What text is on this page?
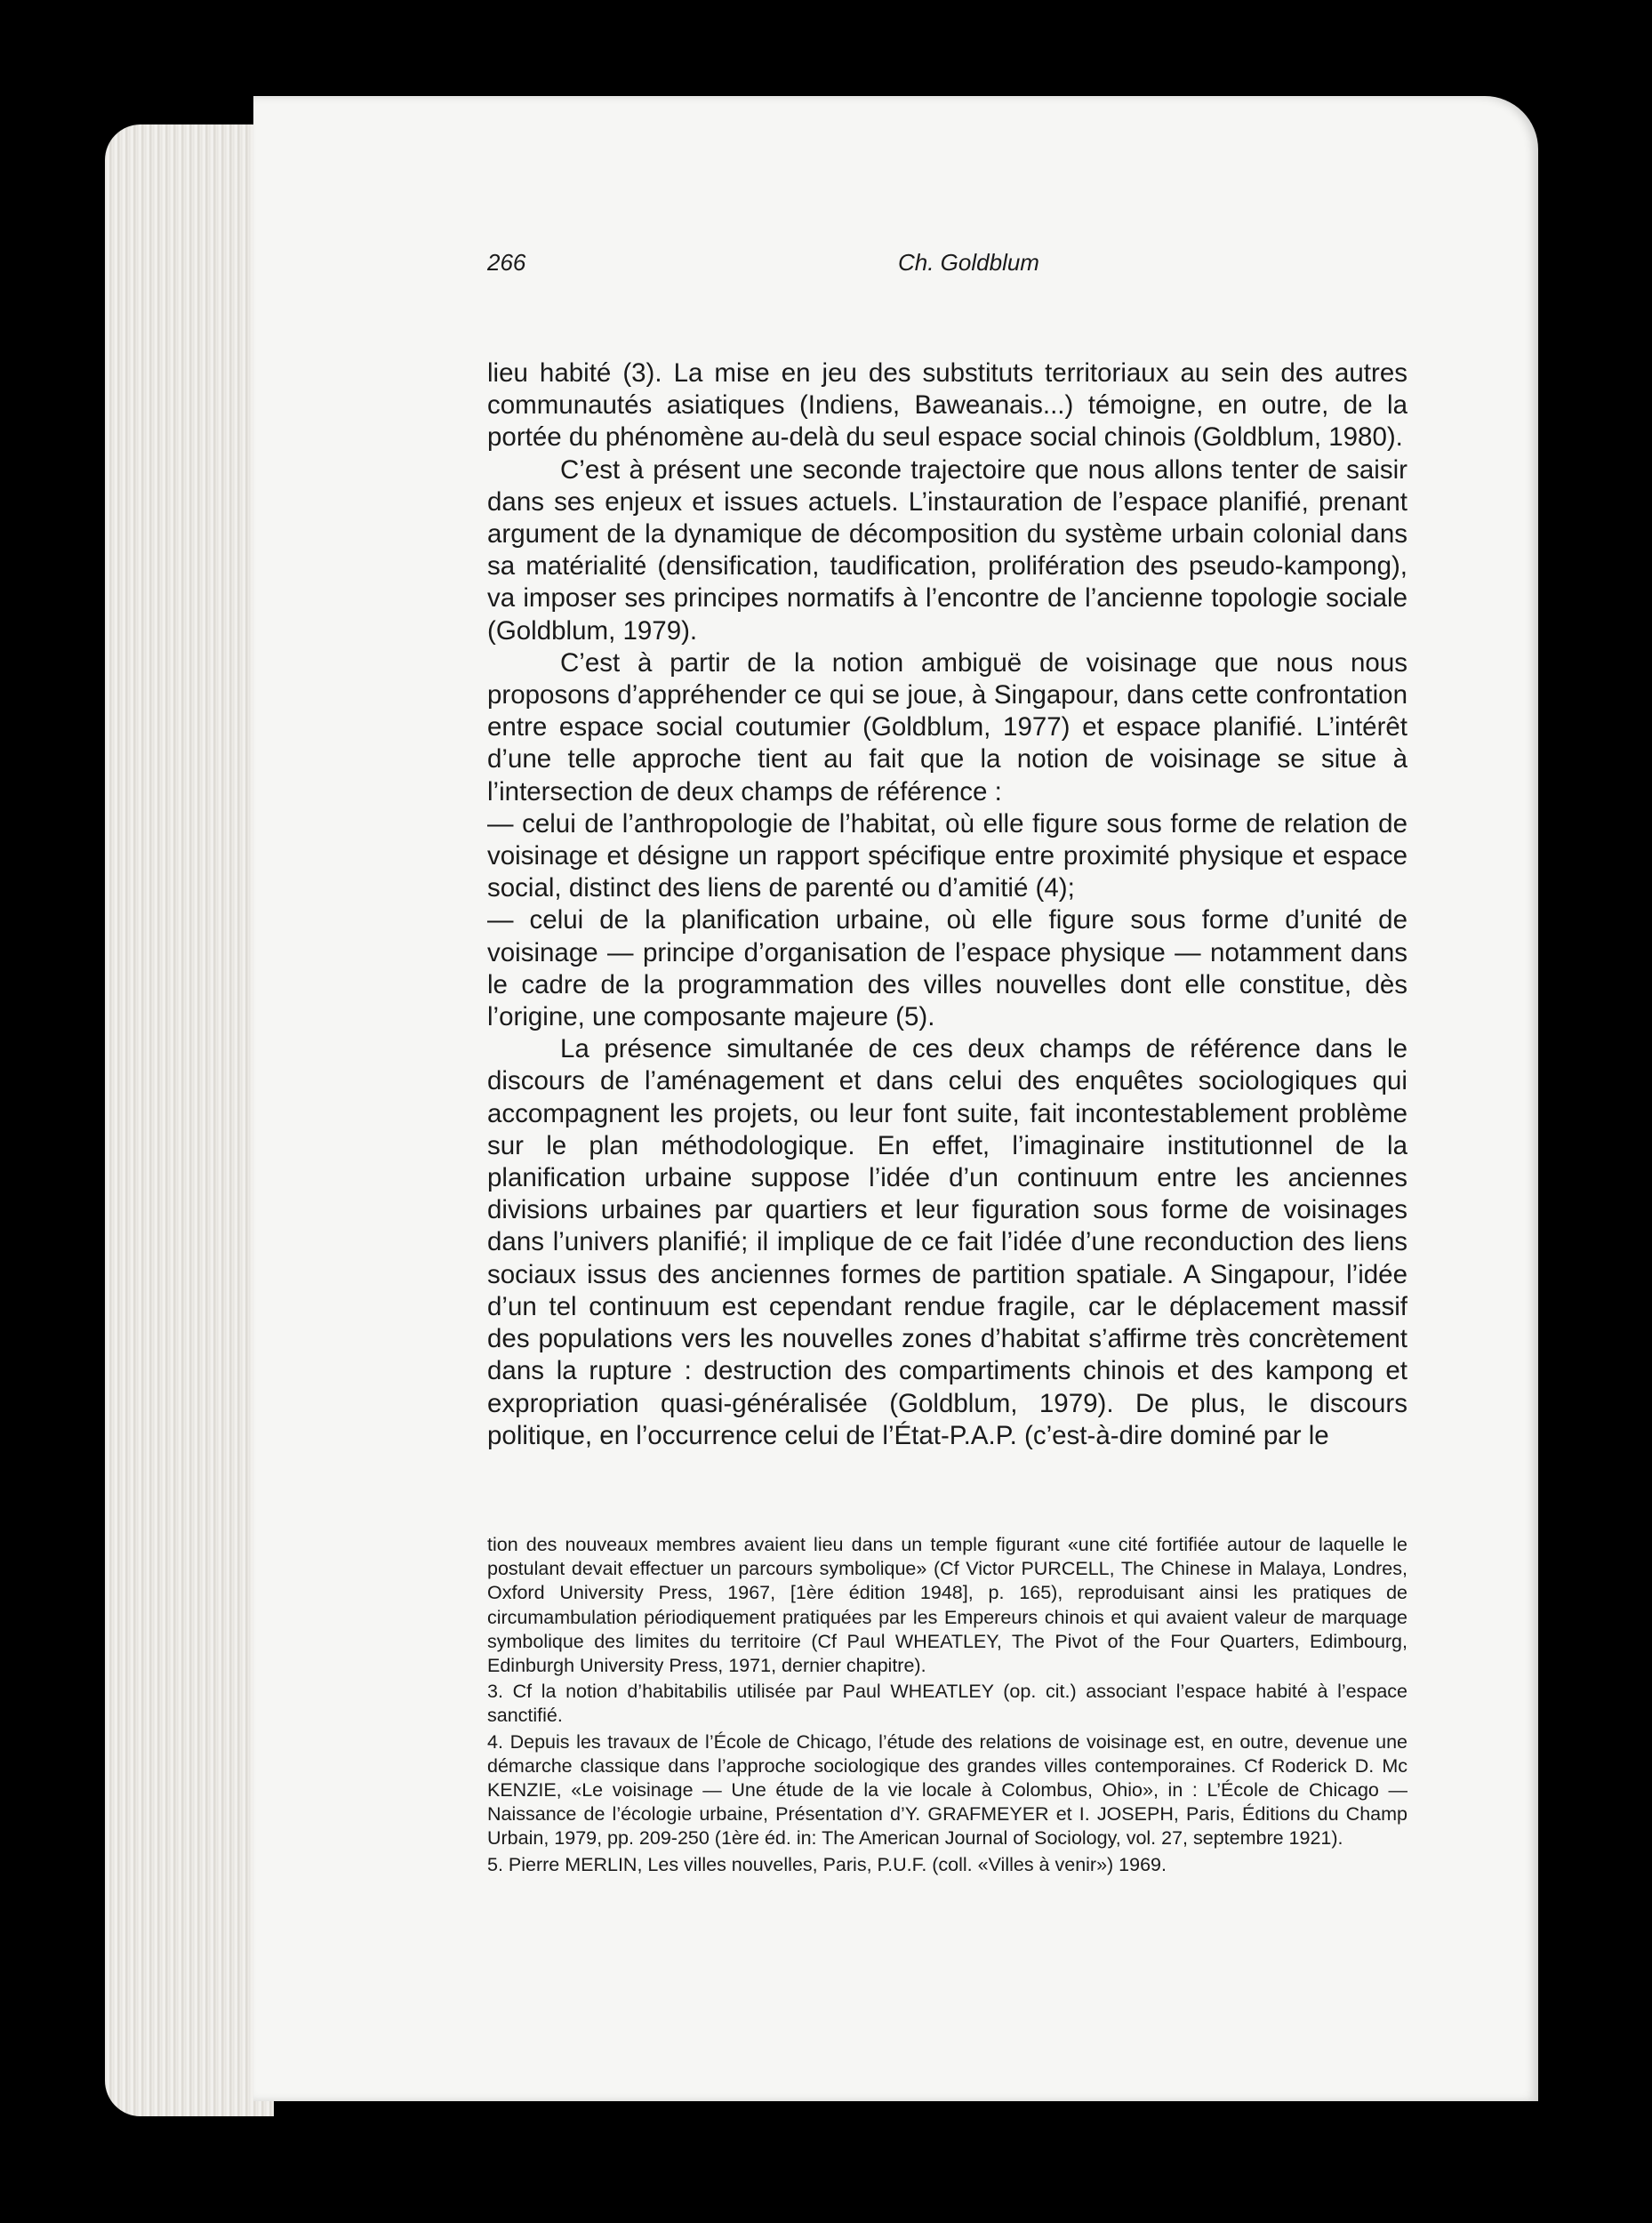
266	Ch. Goldblum

lieu habité (3). La mise en jeu des substituts territoriaux au sein des autres communautés asiatiques (Indiens, Baweanais...) témoigne, en outre, de la portée du phénomène au-delà du seul espace social chinois (Goldblum, 1980).

C’est à présent une seconde trajectoire que nous allons tenter de saisir dans ses enjeux et issues actuels. L’instauration de l’espace planifié, prenant argument de la dynamique de décomposition du système urbain colonial dans sa matérialité (densification, taudification, prolifération des pseudo-kampong), va imposer ses principes normatifs à l’encontre de l’ancienne topologie sociale (Goldblum, 1979).

C’est à partir de la notion ambiguë de voisinage que nous nous proposons d’appréhender ce qui se joue, à Singapour, dans cette confrontation entre espace social coutumier (Goldblum, 1977) et espace planifié. L’intérêt d’une telle approche tient au fait que la notion de voisinage se situe à l’intersection de deux champs de référence :

— celui de l’anthropologie de l’habitat, où elle figure sous forme de relation de voisinage et désigne un rapport spécifique entre proximité physique et espace social, distinct des liens de parenté ou d’amitié (4);

— celui de la planification urbaine, où elle figure sous forme d’unité de voisinage — principe d’organisation de l’espace physique — notamment dans le cadre de la programmation des villes nouvelles dont elle constitue, dès l’origine, une composante majeure (5).

La présence simultanée de ces deux champs de référence dans le discours de l’aménagement et dans celui des enquêtes sociologiques qui accompagnent les projets, ou leur font suite, fait incontestablement problème sur le plan méthodologique. En effet, l’imaginaire institutionnel de la planification urbaine suppose l’idée d’un continuum entre les anciennes divisions urbaines par quartiers et leur figuration sous forme de voisinages dans l’univers planifié; il implique de ce fait l’idée d’une reconduction des liens sociaux issus des anciennes formes de partition spatiale. A Singapour, l’idée d’un tel continuum est cependant rendue fragile, car le déplacement massif des populations vers les nouvelles zones d’habitat s’affirme très concrètement dans la rupture : destruction des compartiments chinois et des kampong et expropriation quasi-généralisée (Goldblum, 1979). De plus, le discours politique, en l’occurrence celui de l’État-P.A.P. (c’est-à-dire dominé par le

tion des nouveaux membres avaient lieu dans un temple figurant «une cité fortifiée autour de laquelle le postulant devait effectuer un parcours symbolique» (Cf Victor PURCELL, The Chinese in Malaya, Londres, Oxford University Press, 1967, [1ère édition 1948], p. 165), reproduisant ainsi les pratiques de circumambulation périodiquement pratiquées par les Empereurs chinois et qui avaient valeur de marquage symbolique des limites du territoire (Cf Paul WHEATLEY, The Pivot of the Four Quarters, Edimbourg, Edinburgh University Press, 1971, dernier chapitre).

3. Cf la notion d’habitabilis utilisée par Paul WHEATLEY (op. cit.) associant l’espace habité à l’espace sanctifié.

4. Depuis les travaux de l’École de Chicago, l’étude des relations de voisinage est, en outre, devenue une démarche classique dans l’approche sociologique des grandes villes contemporaines. Cf Roderick D. Mc KENZIE, «Le voisinage — Une étude de la vie locale à Colombus, Ohio», in : L’École de Chicago — Naissance de l’écologie urbaine, Présentation d’Y. GRAFMEYER et I. JOSEPH, Paris, Éditions du Champ Urbain, 1979, pp. 209-250 (1ère éd. in: The American Journal of Sociology, vol. 27, septembre 1921).

5. Pierre MERLIN, Les villes nouvelles, Paris, P.U.F. (coll. «Villes à venir») 1969.
